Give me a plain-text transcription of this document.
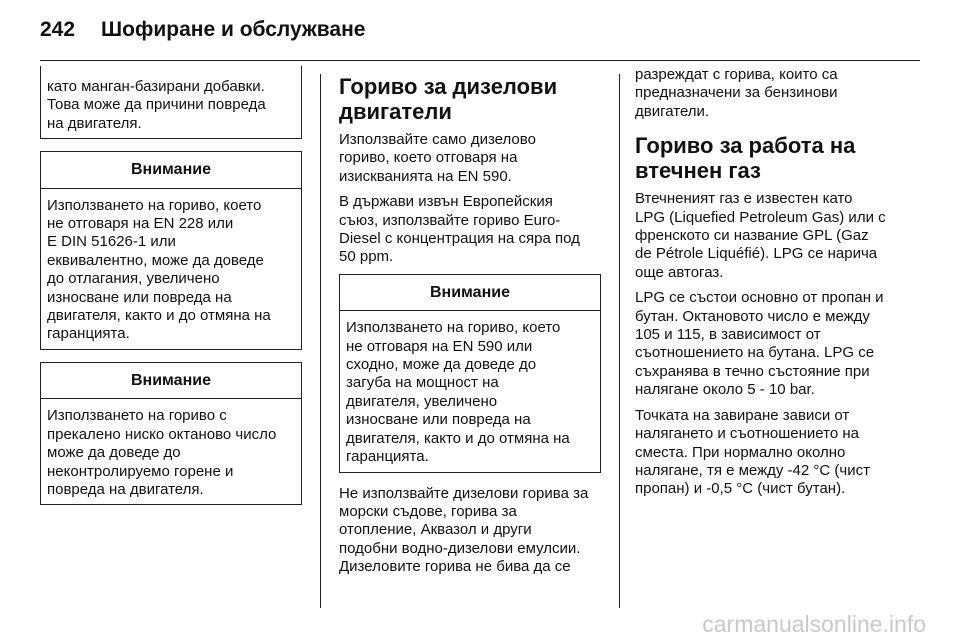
242 Шофиране и обслужване
като манган-базирани добавки.
Това може да причини повреда
на двигателя.
Внимание
Използването на гориво, което
не отговаря на EN 228 или
E DIN 51626-1 или
еквивалентно, може да доведе
до отлагания, увеличено
износване или повреда на
двигателя, както и до отмяна на
гаранцията.
Внимание
Използването на гориво с
прекалено ниско октаново число
може да доведе до
неконтролируемо горене и
повреда на двигателя.
Гориво за дизелови
двигатели

Използвайте само дизелово
гориво, което отговаря на
изискванията на EN 590.

В държави извън Европейския
съюз, използвайте гориво Euro-
Diesel с концентрация на сяра под
50 ppm.

Внимание
Използването на гориво, което
не отговаря на EN 590 или
сходно, може да доведе до
загуба на мощност на
двигателя, увеличено
износване или повреда на
двигателя, както и до отмяна на
гаранцията.

Не използвайте дизелови горива за
морски съдове, горива за
отопление, Аквазол и други
подобни водно-дизелови емулсии.
Дизеловите горива не бива да се

разреждат с горива, които са
предназначени за бензинови
двигатели.

Гориво за работа на
втечнен газ

Втечненият газ е известен като
LPG (Liquefied Petroleum Gas) или с
френското си название GPL (Gaz
de Pétrole Liquéfié). LPG се нарича
още автогаз.

LPG се състои основно от пропан и
бутан. Октановото число е между
105 и 115, в зависимост от
съотношението на бутана. LPG се
съхранява в течно състояние при
налягане около 5 - 10 bar.

Точката на завиране зависи от
налягането и съотношението на
сместа. При нормално околно
налягане, тя е между -42 °C (чист
пропан) и -0,5 °C (чист бутан).

carmanualsonline.info
